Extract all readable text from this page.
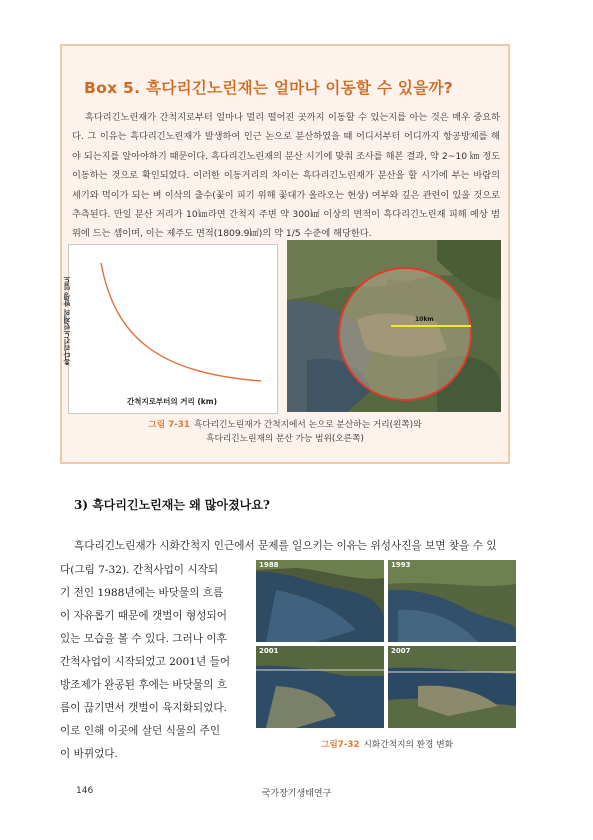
Box 5. 흑다리긴노린재는 얼마나 이동할 수 있을까?

흑다리긴노린재가 간척지로부터 얼마나 멀리 떨어진 곳까지 이동할 수 있는지를 아는 것은 매우 중요하다. 그 이유는 흑다리긴노린재가 발생하여 인근 논으로 분산하였을 때 어디서부터 어디까지 항공방제를 해야 되는지를 알아야하기 때문이다. 흑다리긴노린재의 분산 시기에 맞춰 조사를 해본 결과, 약 2~10 ㎞ 정도 이동하는 것으로 확인되었다. 이러한 이동거리의 차이는 흑다리긴노린재가 분산을 할 시기에 부는 바람의 세기와 먹이가 되는 벼 이삭의 출수(꽃이 피기 위해 꽃대가 올라오는 현상) 여부와 깊은 관련이 있을 것으로 추측된다. 만일 분산 거리가 10㎞라면 간척지 주변 약 300㎢ 이상의 면적이 흑다리긴노린재 피해 예상 범위에 드는 셈이며, 이는 제주도 면적(1809.9㎢)의 약 1/5 수준에 해당한다.

흑다리긴노린재의 발생 밀도
간척지로부터의 거리 (km)
10km
그림 7-31 흑다리긴노린재가 간척지에서 논으로 분산하는 거리(왼쪽)와
흑다리긴노린재의 분산 가능 범위(오른쪽)
3) 흑다리긴노린재는 왜 많아졌나요?
흑다리긴노린재가 시화간척지 인근에서 문제를 일으키는 이유는 위성사진을 보면 찾을 수 있
다(그림 7-32). 간척사업이 시작되
기 전인 1988년에는 바닷물의 흐름
이 자유롭기 때문에 갯벌이 형성되어
있는 모습을 볼 수 있다. 그러나 이후
간척사업이 시작되었고 2001년 들어
방조제가 완공된 후에는 바닷물의 흐
름이 끊기면서 갯벌이 육지화되었다.
이로 인해 이곳에 살던 식물의 주인
이 바뀌었다.
1988	1993
2001	2007
그림7-32 시화간척지의 환경 변화
146	국가장기생태연구
